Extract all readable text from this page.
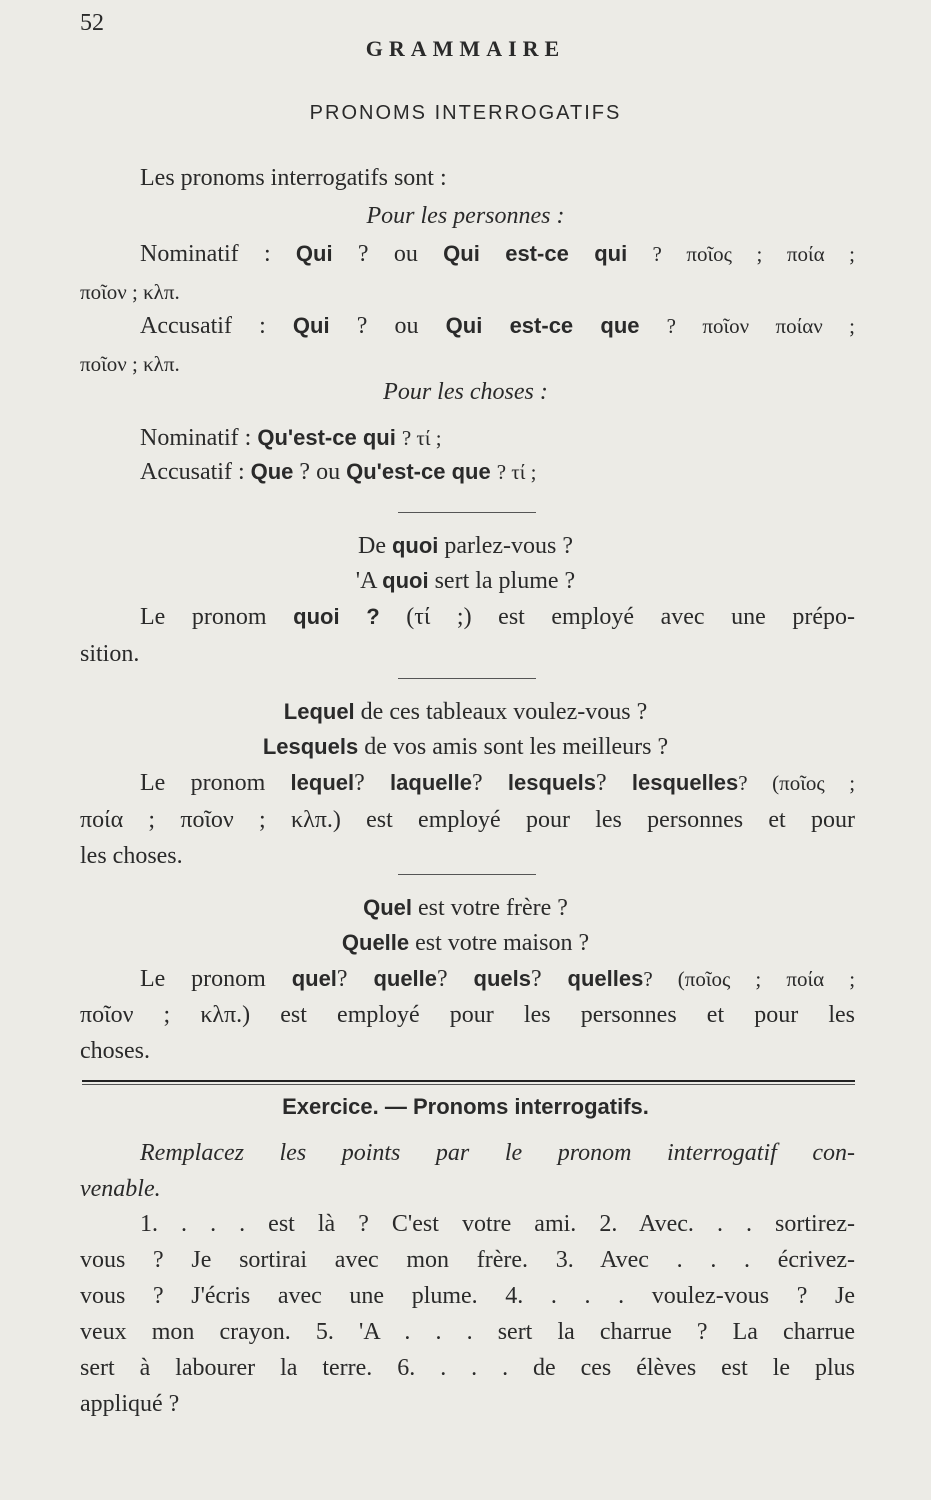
52
GRAMMAIRE
PRONOMS INTERROGATIFS
Les pronoms interrogatifs sont :
Pour les personnes :
Nominatif : Qui ? ou Qui est-ce qui ? ποῖος ; ποία ;
ποῖον ; κλπ.
Accusatif : Qui ? ou Qui est-ce que ? ποῖον ποίαν ;
ποῖον ; κλπ.
Pour les choses :
Nominatif : Qu'est-ce qui ? τί ;
Accusatif : Que ? ou Qu'est-ce que ? τί ;
De quoi parlez-vous ?
'A quoi sert la plume ?
Le pronom quoi ? (τί ;) est employé avec une prépo-
sition.
Lequel de ces tableaux voulez-vous ?
Lesquels de vos amis sont les meilleurs ?
Le pronom lequel? laquelle? lesquels? lesquelles? (ποῖος ;
ποία ; ποῖον ; κλπ.) est employé pour les personnes et pour
les choses.
Quel est votre frère ?
Quelle est votre maison ?
Le pronom quel? quelle? quels? quelles? (ποῖος ; ποία ;
ποῖον ; κλπ.) est employé pour les personnes et pour les
choses.
Exercice. — Pronoms interrogatifs.
Remplacez les points par le pronom interrogatif con-
venable.
1. . . . est là ? C'est votre ami. 2. Avec. . . sortirez-
vous ? Je sortirai avec mon frère. 3. Avec . . . écrivez-
vous ? J'écris avec une plume. 4. . . . voulez-vous ? Je
veux mon crayon. 5. 'A . . . sert la charrue ? La charrue
sert à labourer la terre. 6. . . . de ces élèves est le plus
appliqué ?
